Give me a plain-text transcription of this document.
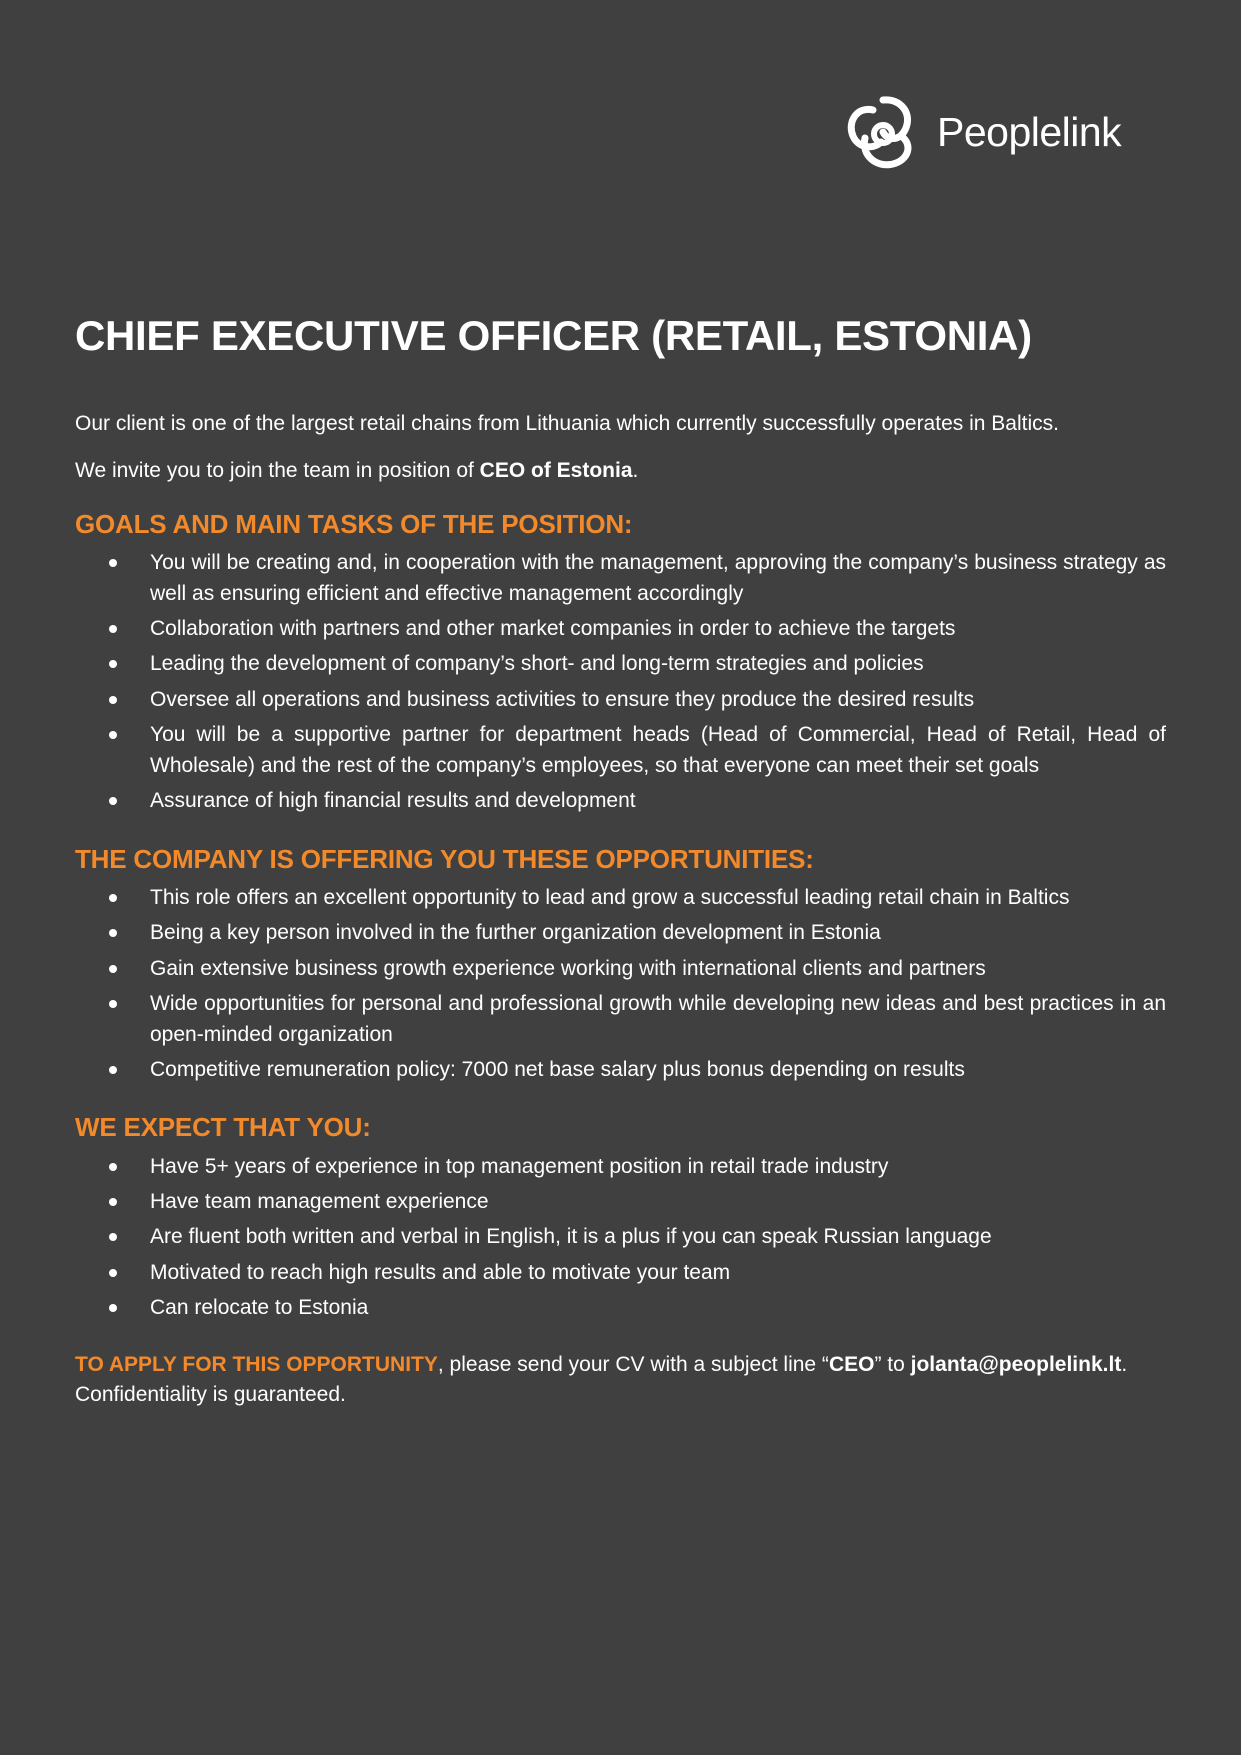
Peoplelink
CHIEF EXECUTIVE OFFICER (RETAIL, ESTONIA)

Our client is one of the largest retail chains from Lithuania which currently successfully operates in Baltics.

We invite you to join the team in position of CEO of Estonia.

GOALS AND MAIN TASKS OF THE POSITION:
You will be creating and, in cooperation with the management, approving the company’s business strategy as well as ensuring efficient and effective management accordingly
Collaboration with partners and other market companies in order to achieve the targets
Leading the development of company’s short- and long-term strategies and policies
Oversee all operations and business activities to ensure they produce the desired results
You will be a supportive partner for department heads (Head of Commercial, Head of Retail, Head of Wholesale) and the rest of the company’s employees, so that everyone can meet their set goals
Assurance of high financial results and development
THE COMPANY IS OFFERING YOU THESE OPPORTUNITIES:
This role offers an excellent opportunity to lead and grow a successful leading retail chain in Baltics
Being a key person involved in the further organization development in Estonia
Gain extensive business growth experience working with international clients and partners
Wide opportunities for personal and professional growth while developing new ideas and best practices in an open-minded organization
Competitive remuneration policy: 7000 net base salary plus bonus depending on results
WE EXPECT THAT YOU:
Have 5+ years of experience in top management position in retail trade industry
Have team management experience
Are fluent both written and verbal in English, it is a plus if you can speak Russian language
Motivated to reach high results and able to motivate your team
Can relocate to Estonia
TO APPLY FOR THIS OPPORTUNITY, please send your CV with a subject line “CEO” to jolanta@peoplelink.lt.
Confidentiality is guaranteed.
